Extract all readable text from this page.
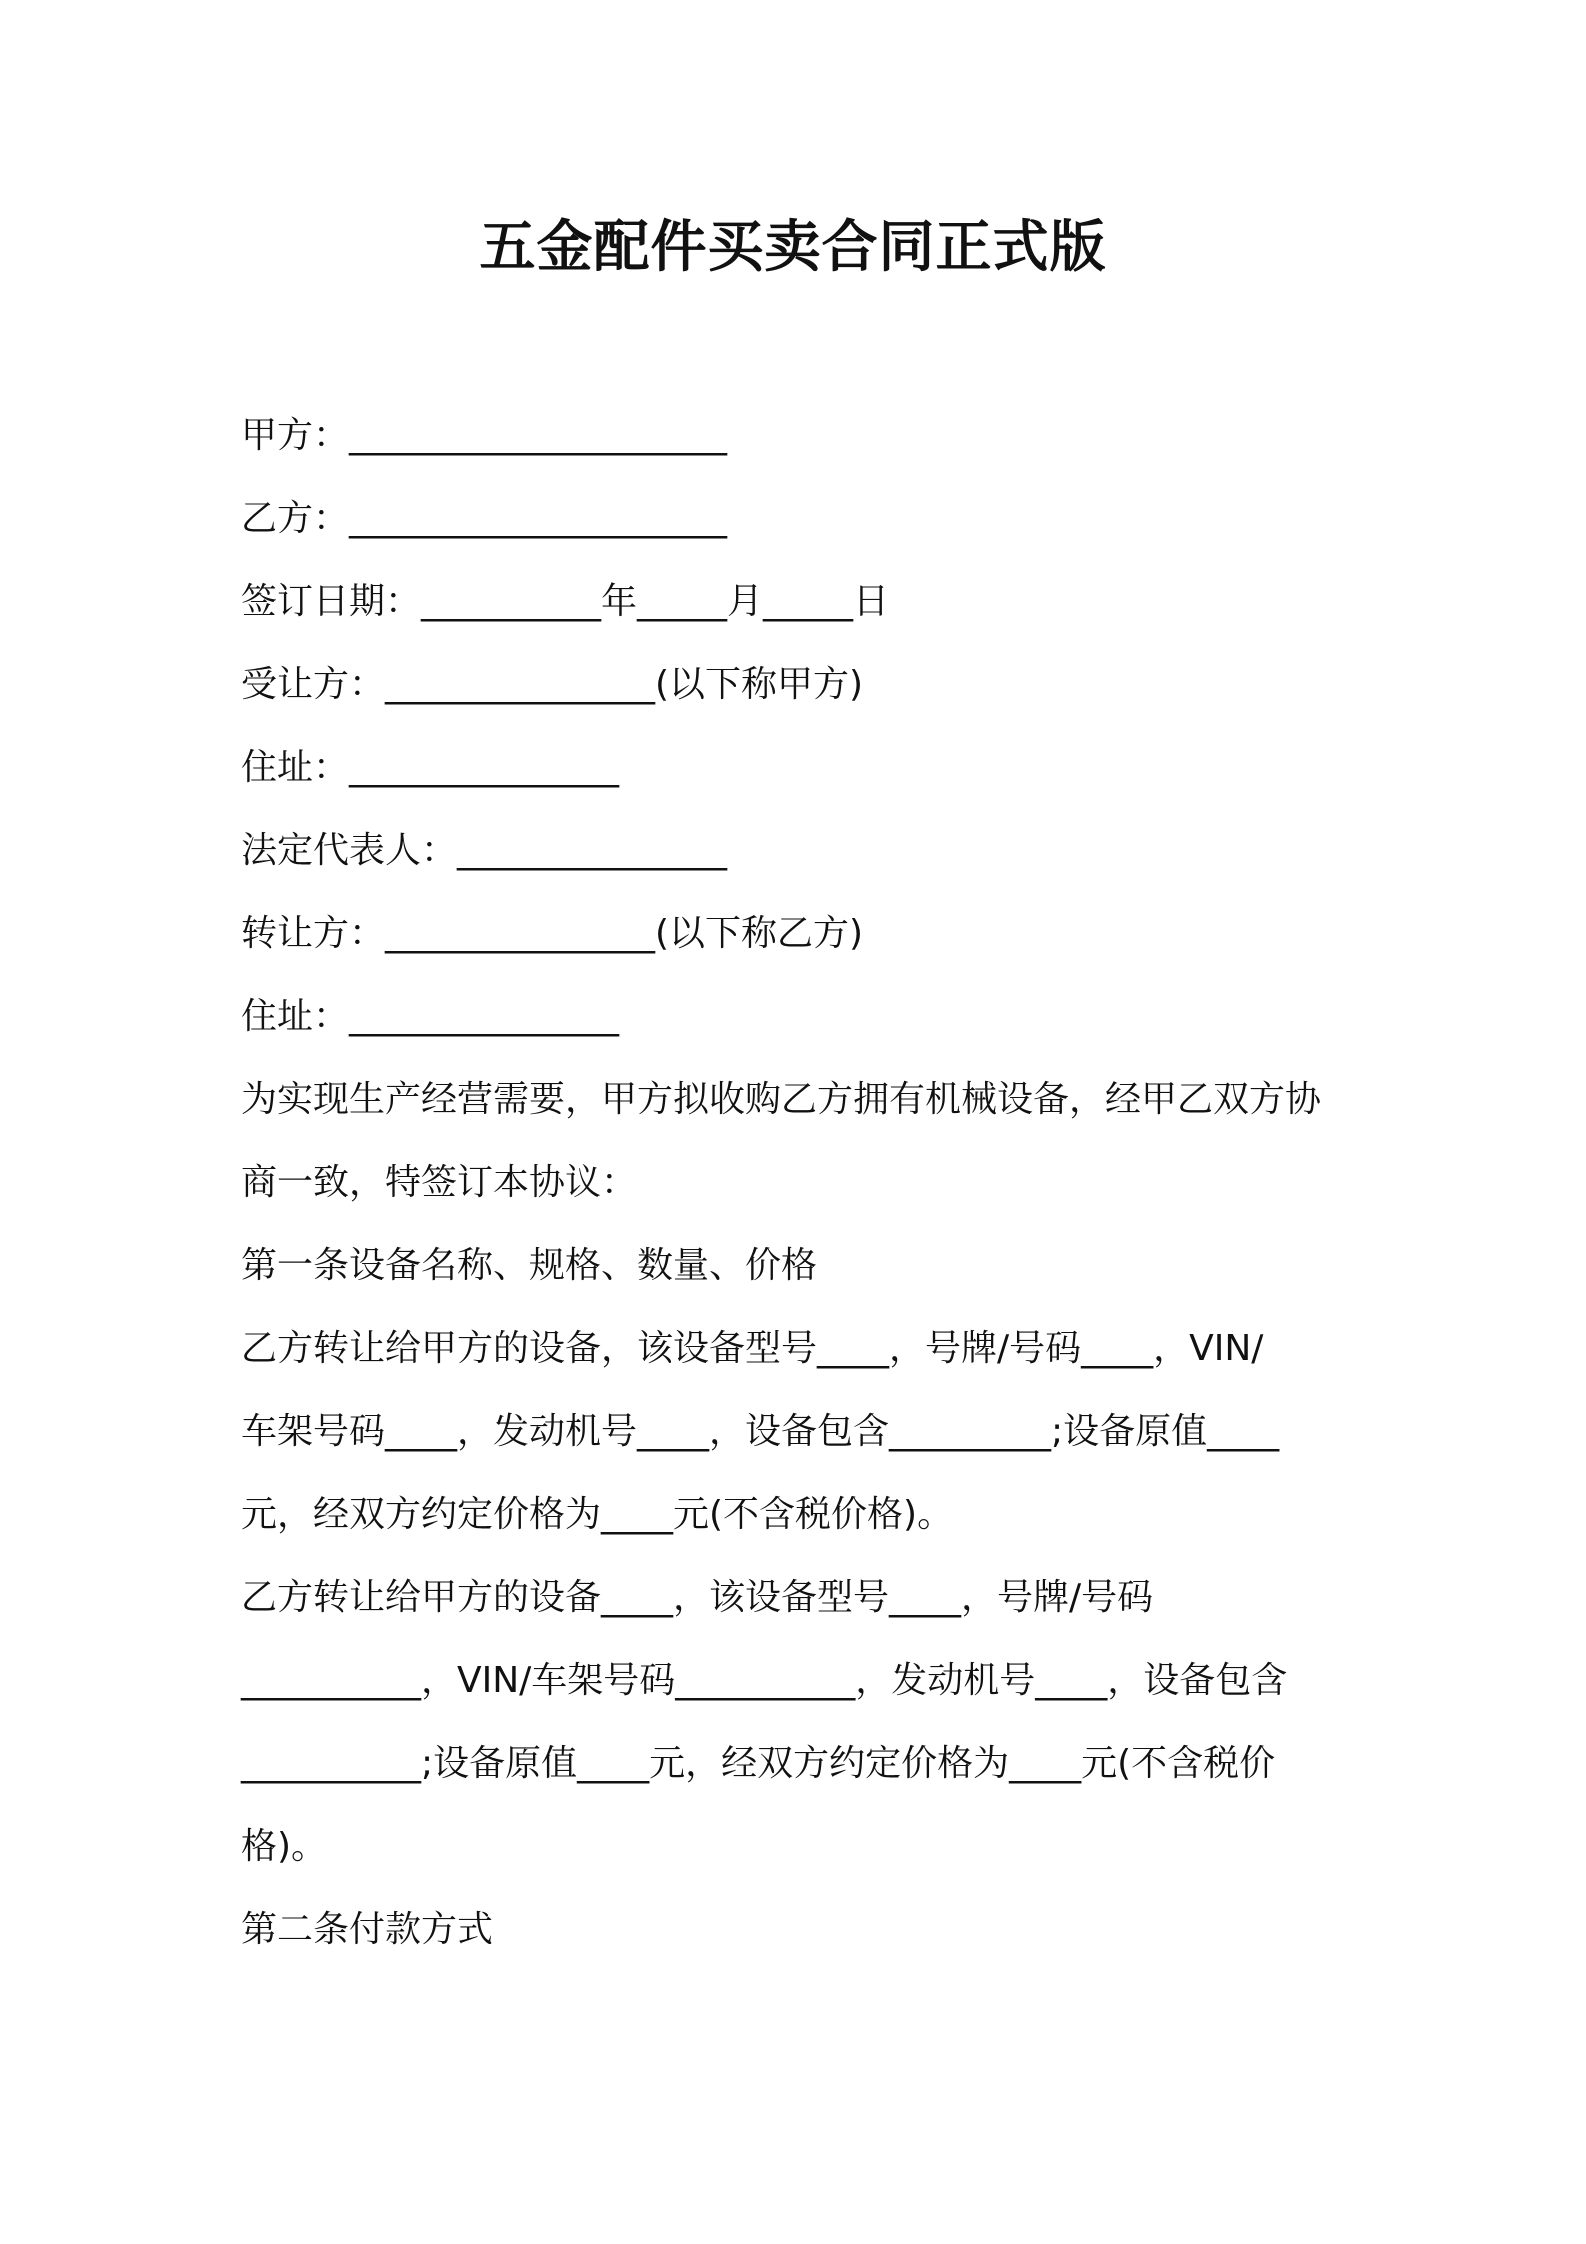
五金配件买卖合同正式版
甲方：_____________________
乙方：_____________________
签订日期：__________年_____月_____日
受让方：_______________(以下称甲方)
住址：_______________
法定代表人：_______________
转让方：_______________(以下称乙方)
住址：_______________
为实现生产经营需要，甲方拟收购乙方拥有机械设备，经甲乙双方协
商一致，特签订本协议：
第一条设备名称、规格、数量、价格
乙方转让给甲方的设备，该设备型号____，号牌/号码____，VIN/
车架号码____，发动机号____，设备包含_________;设备原值____
元，经双方约定价格为____元(不含税价格)。
乙方转让给甲方的设备____，该设备型号____，号牌/号码
__________，VIN/车架号码__________，发动机号____，设备包含
__________;设备原值____元，经双方约定价格为____元(不含税价
格)。
第二条付款方式
